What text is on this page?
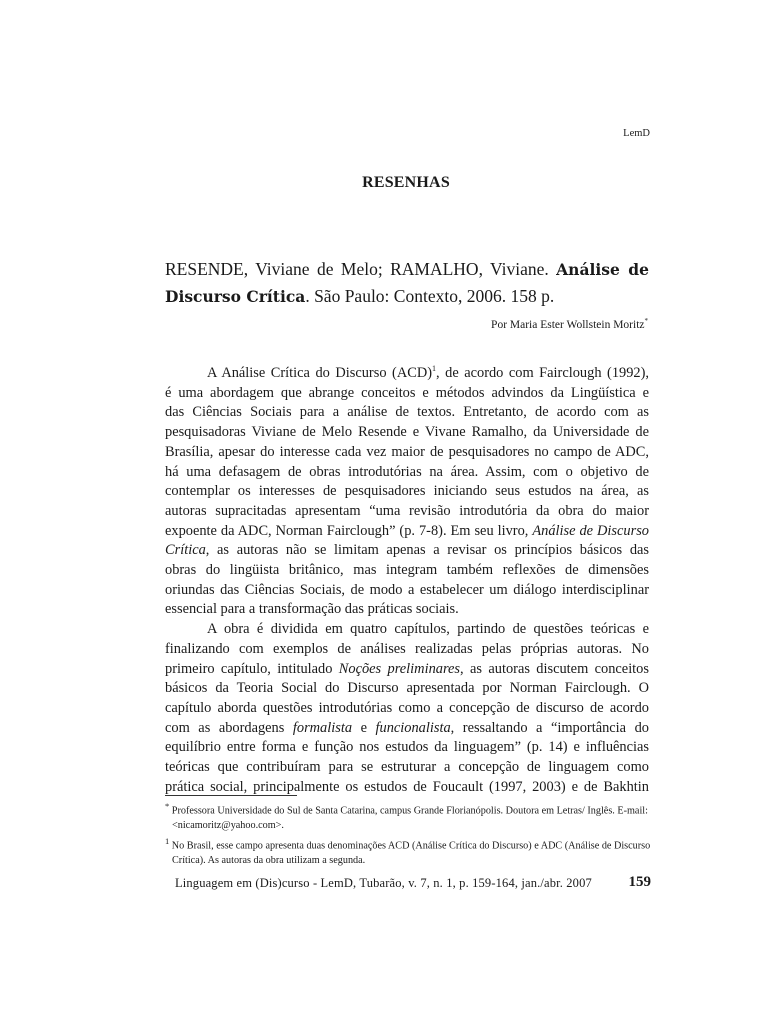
LemD
RESENHAS
RESENDE, Viviane de Melo; RAMALHO, Viviane. Análise de Discurso Crítica. São Paulo: Contexto, 2006. 158 p.
Por Maria Ester Wollstein Moritz*
A Análise Crítica do Discurso (ACD)$^1$, de acordo com Fairclough (1992),
é uma abordagem que abrange conceitos e métodos advindos da Lingüística e
das Ciências Sociais para a análise de textos. Entretanto, de acordo com as
pesquisadoras Viviane de Melo Resende e Vivane Ramalho, da Universidade de
Brasília, apesar do interesse cada vez maior de pesquisadores no campo de ADC,
há uma defasagem de obras introdutórias na área. Assim, com o objetivo de
contemplar os interesses de pesquisadores iniciando seus estudos na área, as
autoras supracitadas apresentam “uma revisão introdutória da obra do maior
expoente da ADC, Norman Fairclough” (p. 7-8). Em seu livro, Análise de Discurso
Crítica, as autoras não se limitam apenas a revisar os princípios básicos das
obras do lingüista britânico, mas integram também reflexões de dimensões
oriundas das Ciências Sociais, de modo a estabelecer um diálogo interdisciplinar
essencial para a transformação das práticas sociais.
A obra é dividida em quatro capítulos, partindo de questões teóricas e
finalizando com exemplos de análises realizadas pelas próprias autoras. No
primeiro capítulo, intitulado Noções preliminares, as autoras discutem conceitos
básicos da Teoria Social do Discurso apresentada por Norman Fairclough. O
capítulo aborda questões introdutórias como a concepção de discurso de acordo
com as abordagens formalista e funcionalista, ressaltando a “importância do
equilíbrio entre forma e função nos estudos da linguagem” (p. 14) e influências
teóricas que contribuíram para se estruturar a concepção de linguagem como
prática social, principalmente os estudos de Foucault (1997, 2003) e de Bakhtin
* Professora Universidade do Sul de Santa Catarina, campus Grande Florianópolis. Doutora em Letras/ Inglês. E-mail:
<nicamoritz@yahoo.com>.
$^1$ No Brasil, esse campo apresenta duas denominações ACD (Análise Crítica do Discurso) e ADC (Análise de Discurso
Crítica). As autoras da obra utilizam a segunda.
Linguagem em (Dis)curso - LemD, Tubarão, v. 7, n. 1, p. 159-164, jan./abr. 2007 159
